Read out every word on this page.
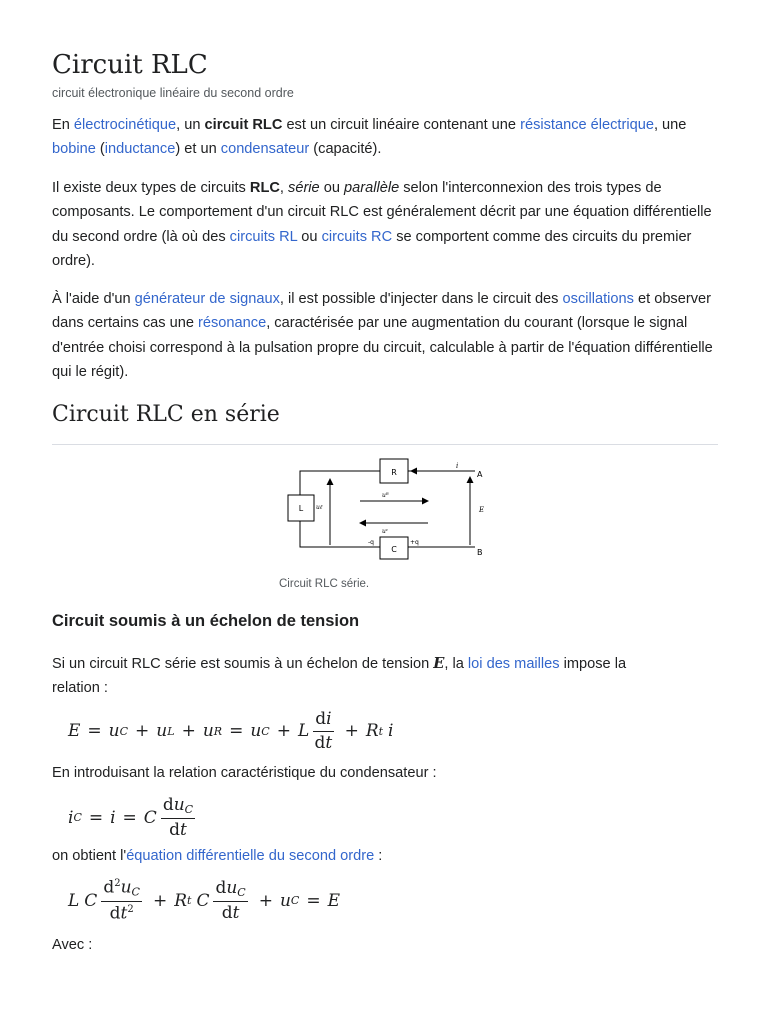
Circuit RLC
circuit électronique linéaire du second ordre

En électrocinétique, un circuit RLC est un circuit linéaire contenant une résistance électrique, une bobine (inductance) et un condensateur (capacité).

Il existe deux types de circuits RLC, série ou parallèle selon l'interconnexion des trois types de composants. Le comportement d'un circuit RLC est généralement décrit par une équation différentielle du second ordre (là où des circuits RL ou circuits RC se comportent comme des circuits du premier ordre).

À l'aide d'un générateur de signaux, il est possible d'injecter dans le circuit des oscillations et observer dans certains cas une résonance, caractérisée par une augmentation du courant (lorsque le signal d'entrée choisi correspond à la pulsation propre du circuit, calculable à partir de l'équation différentielle qui le régit).

Circuit RLC en série
R
L
C
i
A
B
E
uℓ
uᴿ
uᶜ
-q	+q
Circuit RLC série.
Circuit soumis à un échelon de tension
Si un circuit RLC série est soumis à un échelon de tension E, la loi des mailles impose la
relation :
E = u C + u L + u R = u C + L $\frac{di}{dt} + R$ t i
En introduisant la relation caractéristique du condensateur :
i C = i = C $\frac{du_C}{dt}$
on obtient l'équation différentielle du second ordre :
L C $\frac{d^2u_C}{dt^2} + R$ t C $\frac{du_C}{dt} + u$ C = E
Avec :
